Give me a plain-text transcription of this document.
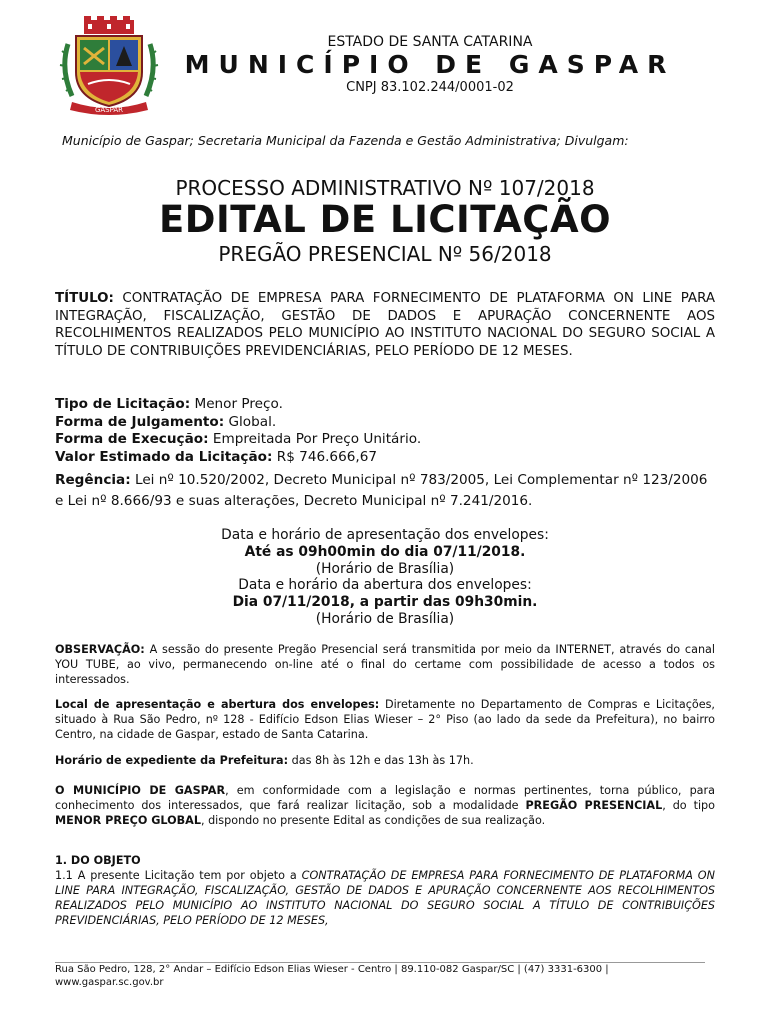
GASPAR
ESTADO DE SANTA CATARINA
MUNICÍPIO DE GASPAR
CNPJ 83.102.244/0001-02
Município de Gaspar; Secretaria Municipal da Fazenda e Gestão Administrativa; Divulgam:
PROCESSO ADMINISTRATIVO Nº 107/2018
EDITAL DE LICITAÇÃO
PREGÃO PRESENCIAL Nº 56/2018
TÍTULO: CONTRATAÇÃO DE EMPRESA PARA FORNECIMENTO DE PLATAFORMA ON LINE PARA INTEGRAÇÃO, FISCALIZAÇÃO, GESTÃO DE DADOS E APURAÇÃO CONCERNENTE AOS RECOLHIMENTOS REALIZADOS PELO MUNICÍPIO AO INSTITUTO NACIONAL DO SEGURO SOCIAL A TÍTULO DE CONTRIBUIÇÕES PREVIDENCIÁRIAS, PELO PERÍODO DE 12 MESES.
Tipo de Licitação: Menor Preço.
Forma de Julgamento: Global.
Forma de Execução: Empreitada Por Preço Unitário.
Valor Estimado da Licitação: R$ 746.666,67
Regência: Lei nº 10.520/2002, Decreto Municipal nº 783/2005, Lei Complementar nº 123/2006 e Lei nº 8.666/93 e suas alterações, Decreto Municipal nº 7.241/2016.
Data e horário de apresentação dos envelopes:
Até as 09h00min do dia 07/11/2018.
(Horário de Brasília)
Data e horário da abertura dos envelopes:
Dia 07/11/2018, a partir das 09h30min.
(Horário de Brasília)
OBSERVAÇÃO: A sessão do presente Pregão Presencial será transmitida por meio da INTERNET, através do canal YOU TUBE, ao vivo, permanecendo on-line até o final do certame com possibilidade de acesso a todos os interessados.
Local de apresentação e abertura dos envelopes: Diretamente no Departamento de Compras e Licitações, situado à Rua São Pedro, nº 128 - Edifício Edson Elias Wieser – 2° Piso (ao lado da sede da Prefeitura), no bairro Centro, na cidade de Gaspar, estado de Santa Catarina.
Horário de expediente da Prefeitura: das 8h às 12h e das 13h às 17h.
O MUNICÍPIO DE GASPAR, em conformidade com a legislação e normas pertinentes, torna público, para conhecimento dos interessados, que fará realizar licitação, sob a modalidade PREGÃO PRESENCIAL, do tipo MENOR PREÇO GLOBAL, dispondo no presente Edital as condições de sua realização.
1. DO OBJETO
1.1 A presente Licitação tem por objeto a CONTRATAÇÃO DE EMPRESA PARA FORNECIMENTO DE PLATAFORMA ON LINE PARA INTEGRAÇÃO, FISCALIZAÇÃO, GESTÃO DE DADOS E APURAÇÃO CONCERNENTE AOS RECOLHIMENTOS REALIZADOS PELO MUNICÍPIO AO INSTITUTO NACIONAL DO SEGURO SOCIAL A TÍTULO DE CONTRIBUIÇÕES PREVIDENCIÁRIAS, PELO PERÍODO DE 12 MESES,
Rua São Pedro, 128, 2° Andar – Edifício Edson Elias Wieser - Centro | 89.110-082 Gaspar/SC | (47) 3331-6300 |
www.gaspar.sc.gov.br
